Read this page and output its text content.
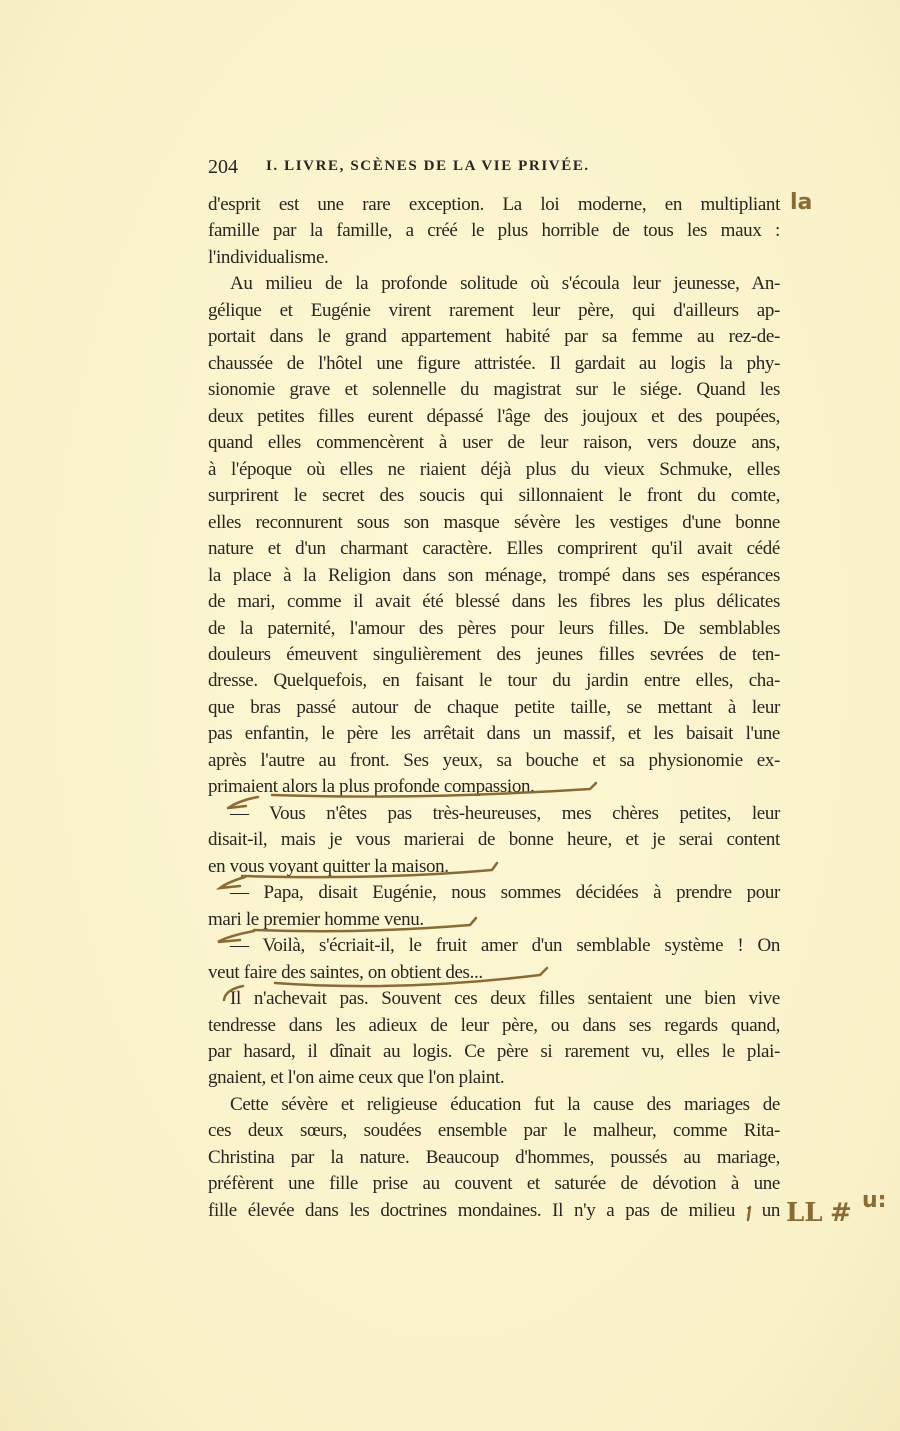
204 I. LIVRE, SCÈNES DE LA VIE PRIVÉE.
d'esprit est une rare exception. La loi moderne, en multipliant
famille par la famille, a créé le plus horrible de tous les maux :
l'individualisme.
Au milieu de la profonde solitude où s'écoula leur jeunesse, An-
gélique et Eugénie virent rarement leur père, qui d'ailleurs ap-
portait dans le grand appartement habité par sa femme au rez-de-
chaussée de l'hôtel une figure attristée. Il gardait au logis la phy-
sionomie grave et solennelle du magistrat sur le siége. Quand les
deux petites filles eurent dépassé l'âge des joujoux et des poupées,
quand elles commencèrent à user de leur raison, vers douze ans,
à l'époque où elles ne riaient déjà plus du vieux Schmuke, elles
surprirent le secret des soucis qui sillonnaient le front du comte,
elles reconnurent sous son masque sévère les vestiges d'une bonne
nature et d'un charmant caractère. Elles comprirent qu'il avait cédé
la place à la Religion dans son ménage, trompé dans ses espérances
de mari, comme il avait été blessé dans les fibres les plus délicates
de la paternité, l'amour des pères pour leurs filles. De semblables
douleurs émeuvent singulièrement des jeunes filles sevrées de ten-
dresse. Quelquefois, en faisant le tour du jardin entre elles, cha-
que bras passé autour de chaque petite taille, se mettant à leur
pas enfantin, le père les arrêtait dans un massif, et les baisait l'une
après l'autre au front. Ses yeux, sa bouche et sa physionomie ex-
primaient alors la plus profonde compassion.
— Vous n'êtes pas très-heureuses, mes chères petites, leur
disait-il, mais je vous marierai de bonne heure, et je serai content
en vous voyant quitter la maison.
— Papa, disait Eugénie, nous sommes décidées à prendre pour
mari le premier homme venu.
— Voilà, s'écriait-il, le fruit amer d'un semblable système ! On
veut faire des saintes, on obtient des...
Il n'achevait pas. Souvent ces deux filles sentaient une bien vive
tendresse dans les adieux de leur père, ou dans ses regards quand,
par hasard, il dînait au logis. Ce père si rarement vu, elles le plai-
gnaient, et l'on aime ceux que l'on plaint.
Cette sévère et religieuse éducation fut la cause des mariages de
ces deux sœurs, soudées ensemble par le malheur, comme Rita-
Christina par la nature. Beaucoup d'hommes, poussés au mariage,
préfèrent une fille prise au couvent et saturée de dévotion à une
fille élevée dans les doctrines mondaines. Il n'y a pas de milieu : un
la
LL # u:
